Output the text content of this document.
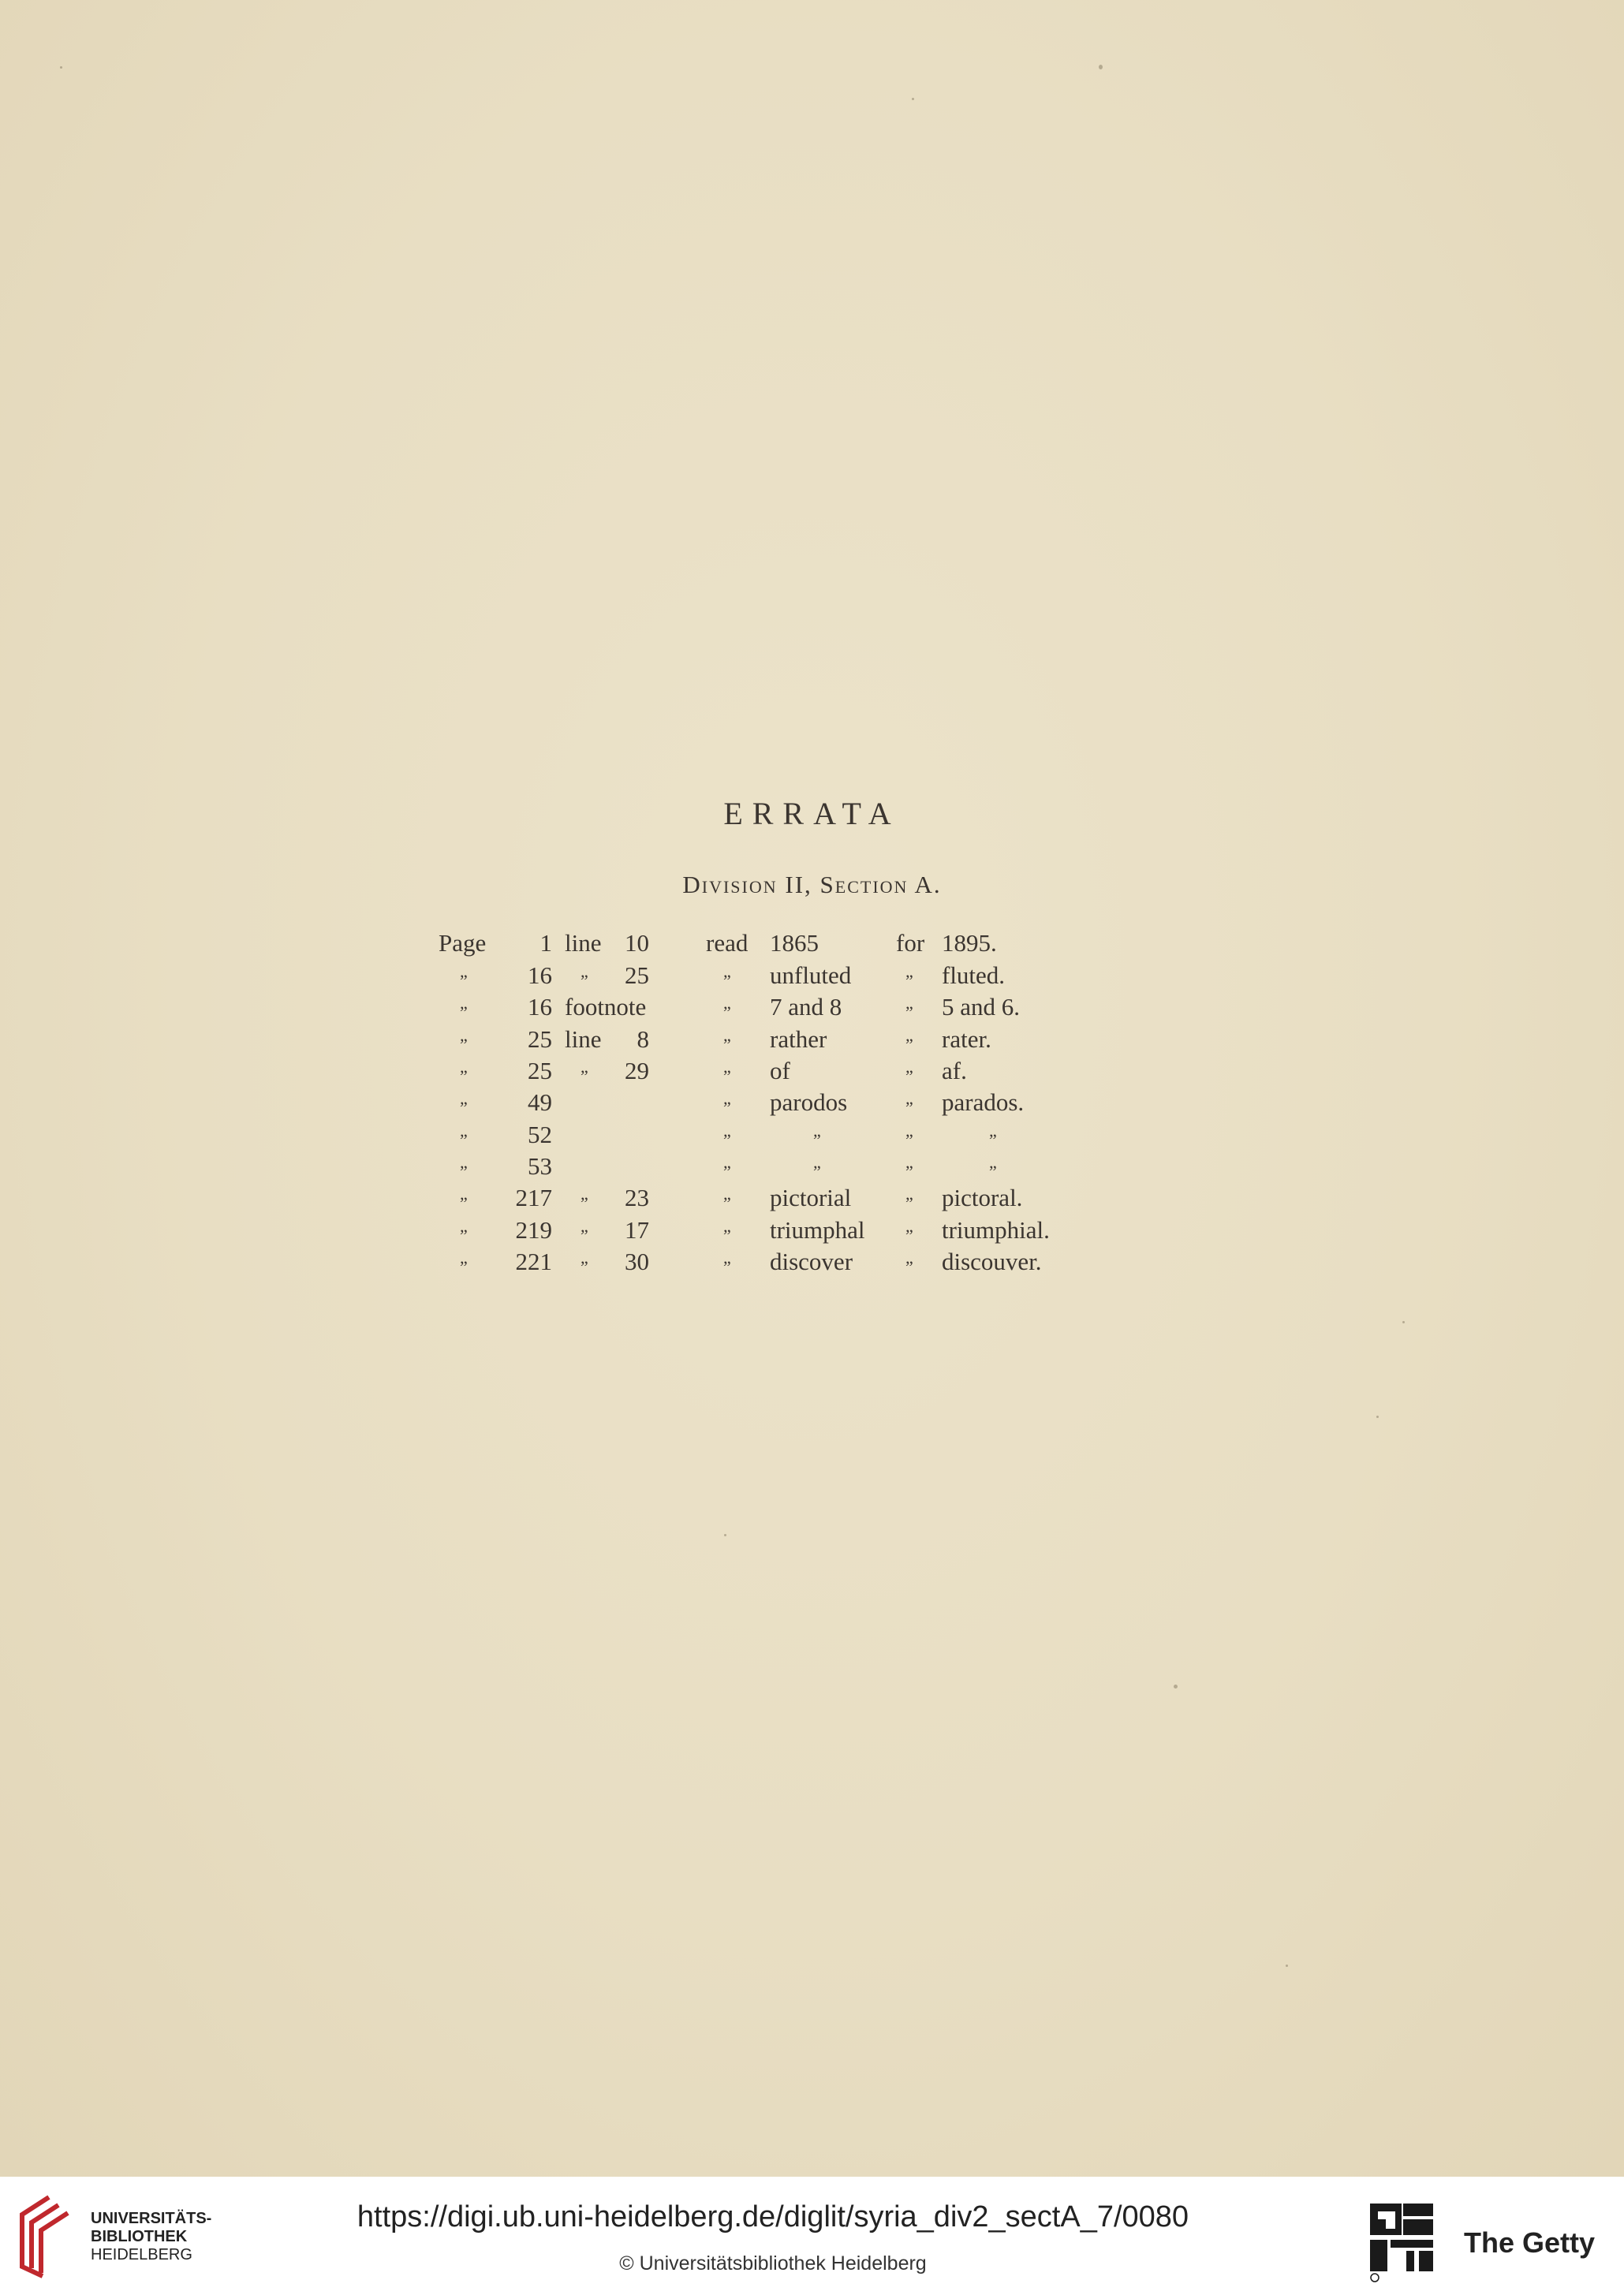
ERRATA
Division II, Section A.
Page 1 line 10 read 1865	for 1895.
„ 16 „ 25	„ unfluted	„ fluted.
„ 16 footnote	„ 7 and 8	„ 5 and 6.
„ 25 line 8	„ rather	„ rater.
„ 25 „ 29	„ of	„ af.
„ 49	„ parodos	„ parados.
„ 52	„	„	„	„
„ 53	„	„	„	„
„ 217 „ 23	„ pictorial	„ pictoral.
„ 219 „ 17	„ triumphal „ triumphial.
„ 221 „ 30	„ discover	„ discouver.
UNIVERSITÄTS-
BIBLIOTHEK
HEIDELBERG
https://digi.ub.uni-heidelberg.de/diglit/syria_div2_sectA_7/0080
© Universitätsbibliothek Heidelberg
The Getty
